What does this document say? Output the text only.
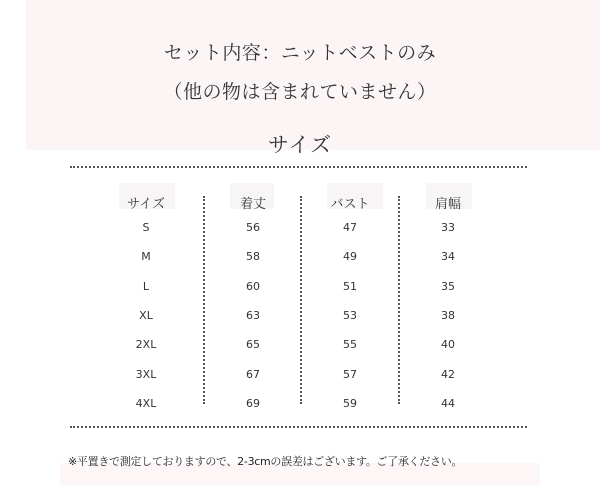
セット内容：ニットベストのみ
（他の物は含まれていません）
サイズ
サイズ	着丈	バスト	肩幅
S	56	47	33
M	58	49	34
L	60	51	35
XL	63	53	38
2XL	65	55	40
3XL	67	57	42
4XL	69	59	44
※平置きで測定しておりますので、2-3cmの誤差はございます。ご了承ください。
